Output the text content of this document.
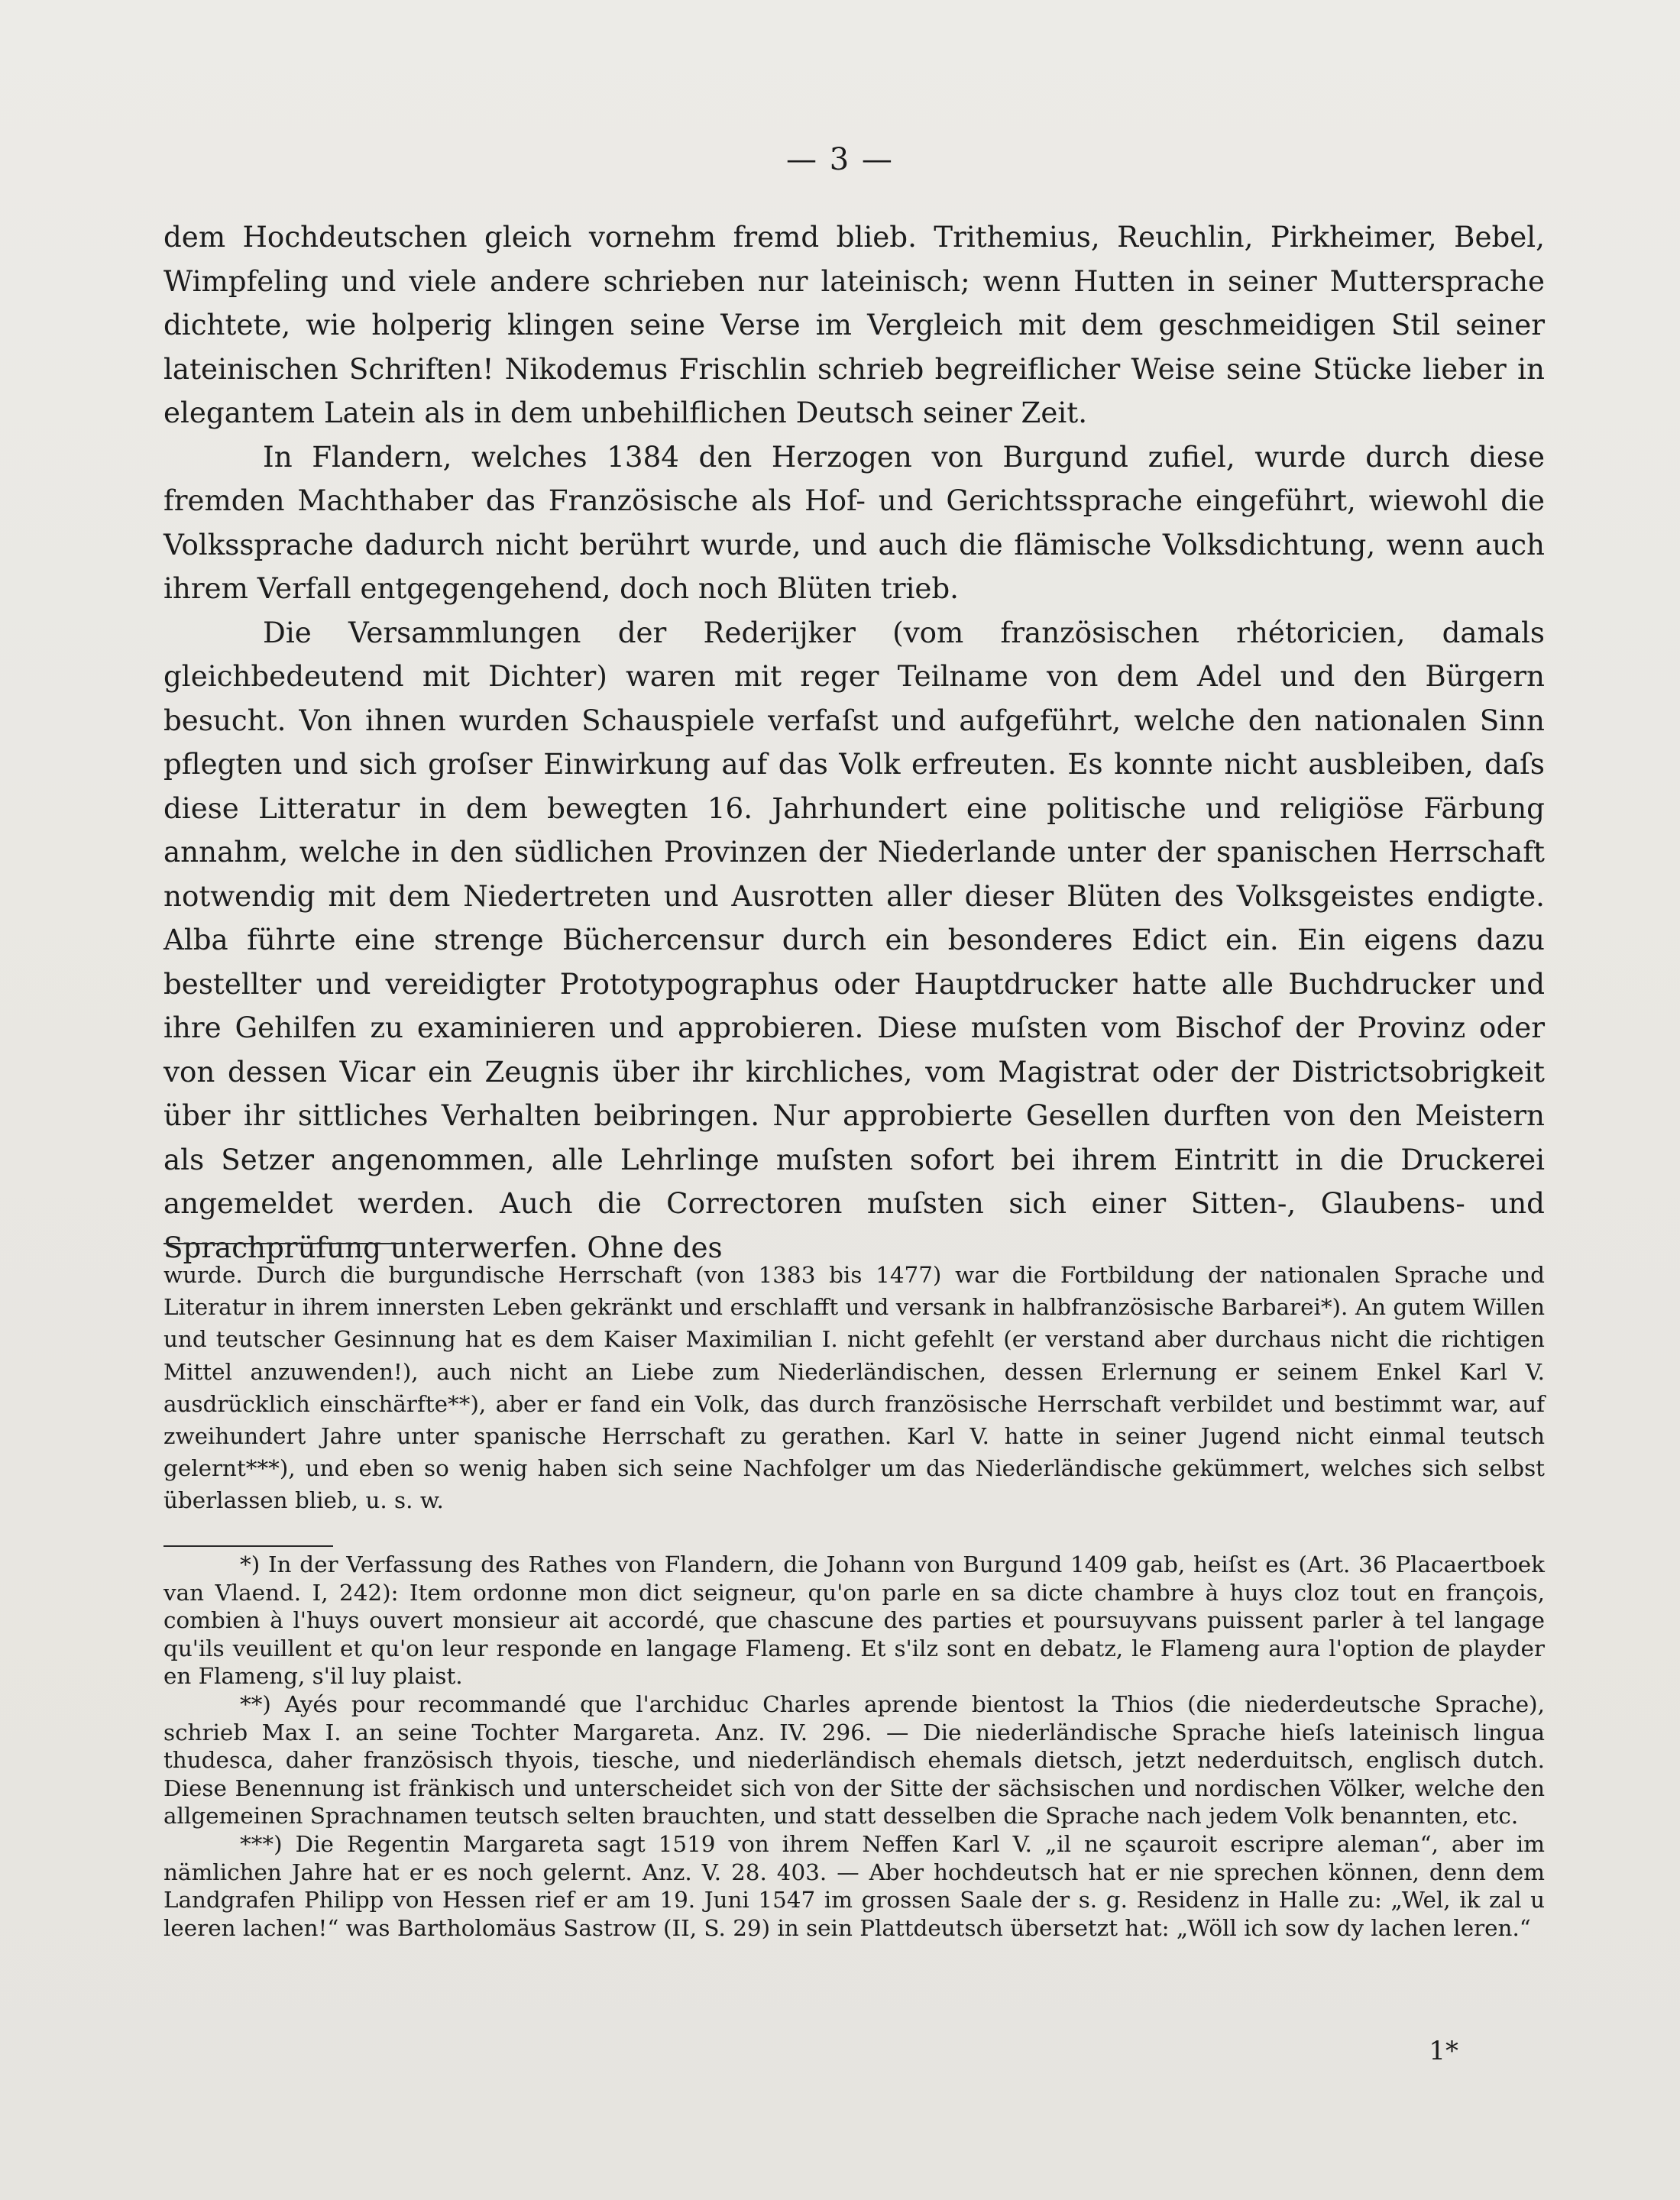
— 3 —

dem Hochdeutschen gleich vornehm fremd blieb. Trithemius, Reuchlin, Pirkheimer, Bebel, Wimpfeling und viele andere schrieben nur lateinisch; wenn Hutten in seiner Muttersprache dichtete, wie holperig klingen seine Verse im Vergleich mit dem geschmeidigen Stil seiner lateinischen Schriften! Nikodemus Frischlin schrieb begreiflicher Weise seine Stücke lieber in elegantem Latein als in dem unbehilflichen Deutsch seiner Zeit.

In Flandern, welches 1384 den Herzogen von Burgund zufiel, wurde durch diese fremden Machthaber das Französische als Hof- und Gerichtssprache eingeführt, wiewohl die Volkssprache dadurch nicht berührt wurde, und auch die flämische Volksdichtung, wenn auch ihrem Verfall entgegengehend, doch noch Blüten trieb.

Die Versammlungen der Rederijker (vom französischen rhétoricien, damals gleichbedeutend mit Dichter) waren mit reger Teilname von dem Adel und den Bürgern besucht. Von ihnen wurden Schauspiele verfaſst und aufgeführt, welche den nationalen Sinn pflegten und sich groſser Einwirkung auf das Volk erfreuten. Es konnte nicht ausbleiben, daſs diese Litteratur in dem bewegten 16. Jahrhundert eine politische und religiöse Färbung annahm, welche in den südlichen Provinzen der Niederlande unter der spanischen Herrschaft notwendig mit dem Niedertreten und Ausrotten aller dieser Blüten des Volksgeistes endigte. Alba führte eine strenge Büchercensur durch ein besonderes Edict ein. Ein eigens dazu bestellter und vereidigter Prototypographus oder Hauptdrucker hatte alle Buchdrucker und ihre Gehilfen zu examinieren und approbieren. Diese muſsten vom Bischof der Provinz oder von dessen Vicar ein Zeugnis über ihr kirchliches, vom Magistrat oder der Districtsobrigkeit über ihr sittliches Verhalten beibringen. Nur approbierte Gesellen durften von den Meistern als Setzer angenommen, alle Lehrlinge muſsten sofort bei ihrem Eintritt in die Druckerei angemeldet werden. Auch die Correctoren muſsten sich einer Sitten-, Glaubens- und Sprachprüfung unterwerfen. Ohne des

wurde. Durch die burgundische Herrschaft (von 1383 bis 1477) war die Fortbildung der nationalen Sprache und Literatur in ihrem innersten Leben gekränkt und erschlafft und versank in halbfranzösische Barbarei*). An gutem Willen und teutscher Gesinnung hat es dem Kaiser Maximilian I. nicht gefehlt (er verstand aber durchaus nicht die richtigen Mittel anzuwenden!), auch nicht an Liebe zum Niederländischen, dessen Erlernung er seinem Enkel Karl V. ausdrücklich einschärfte**), aber er fand ein Volk, das durch französische Herrschaft verbildet und bestimmt war, auf zweihundert Jahre unter spanische Herrschaft zu gerathen. Karl V. hatte in seiner Jugend nicht einmal teutsch gelernt***), und eben so wenig haben sich seine Nachfolger um das Niederländische gekümmert, welches sich selbst überlassen blieb, u. s. w.

*) In der Verfassung des Rathes von Flandern, die Johann von Burgund 1409 gab, heiſst es (Art. 36 Placaertboek van Vlaend. I, 242): Item ordonne mon dict seigneur, qu'on parle en sa dicte chambre à huys cloz tout en françois, combien à l'huys ouvert monsieur ait accordé, que chascune des parties et poursuyvans puissent parler à tel langage qu'ils veuillent et qu'on leur responde en langage Flameng. Et s'ilz sont en debatz, le Flameng aura l'option de playder en Flameng, s'il luy plaist.

**) Ayés pour recommandé que l'archiduc Charles aprende bientost la Thios (die niederdeutsche Sprache), schrieb Max I. an seine Tochter Margareta. Anz. IV. 296. — Die niederländische Sprache hieſs lateinisch lingua thudesca, daher französisch thyois, tiesche, und niederländisch ehemals dietsch, jetzt nederduitsch, englisch dutch. Diese Benennung ist fränkisch und unterscheidet sich von der Sitte der sächsischen und nordischen Völker, welche den allgemeinen Sprachnamen teutsch selten brauchten, und statt desselben die Sprache nach jedem Volk benannten, etc.

***) Die Regentin Margareta sagt 1519 von ihrem Neffen Karl V. „il ne sçauroit escripre aleman“, aber im nämlichen Jahre hat er es noch gelernt. Anz. V. 28. 403. — Aber hochdeutsch hat er nie sprechen können, denn dem Landgrafen Philipp von Hessen rief er am 19. Juni 1547 im grossen Saale der s. g. Residenz in Halle zu: „Wel, ik zal u leeren lachen!“ was Bartholomäus Sastrow (II, S. 29) in sein Plattdeutsch übersetzt hat: „Wöll ich sow dy lachen leren.“

1*
